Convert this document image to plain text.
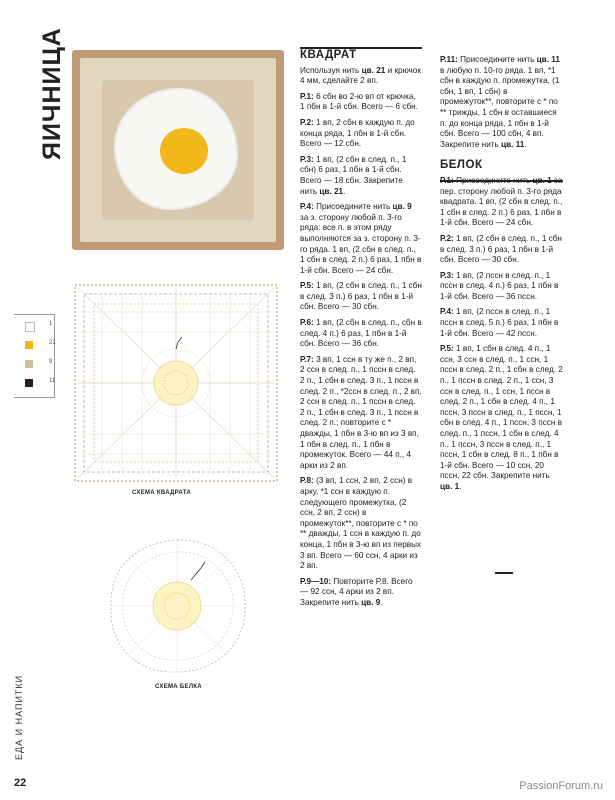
ЯИЧНИЦА
1
21
9
11
СХЕМА КВАДРАТА
СХЕМА БЕЛКА
ЕДА И НАПИТКИ
22	PassionForum.ru
КВАДРАТ

Используя нить цв. 21 и крючок 4 мм, сделайте 2 вп.

Р.1: 6 сбн во 2-ю вп от крючка, 1 пбн в 1-й сбн. Всего — 6 сбн.

Р.2: 1 вп, 2 сбн в каждую п. до конца ряда, 1 пбн в 1-й сбн. Всего — 12 сбн.

Р.3: 1 вп, (2 сбн в след. п., 1 сбн) 6 раз, 1 пбн в 1-й сбн. Всего — 18 сбн. Закрепите нить цв. 21.

Р.4: Присоедините нить цв. 9 за з. сторону любой п. 3-го ряда: все п. в этом ряду выполняются за з. сторону п. 3-го ряда. 1 вп, (2 сбн в след. п., 1 сбн в след. 2 п.) 6 раз, 1 пбн в 1-й сбн. Всего — 24 сбн.

Р.5: 1 вп, (2 сбн в след. п., 1 сбн в след. 3 п.) 6 раз, 1 пбн в 1-й сбн. Всего — 30 сбн.

Р.6: 1 вп, (2 сбн в след. п., сбн в след. 4 п.) 6 раз, 1 пбн в 1-й сбн. Всего — 36 сбн.

Р.7: 3 вп, 1 ссн в ту же п., 2 вп, 2 ссн в след. п., 1 пссн в след. 2 п., 1 сбн в след. 3 п., 1 пссн в след. 2 п., *2ссн в след. п., 2 вп, 2 ссн в след. п., 1 пссн в след. 2 п., 1 сбн в след. 3 п., 1 пссн в след. 2 п.; повторите с * дважды, 1 пбн в 3-ю вп из 3 вп, 1 пбн в след. п., 1 пбн в промежуток. Всего — 44 п., 4 арки из 2 вп.

Р.8: (3 вп, 1 ссн, 2 вп, 2 ссн) в арку, *1 ссн в каждую п. следующего промежутка, (2 ссн, 2 вп, 2 ссн) в промежуток**, повторите с * по ** дважды, 1 ссн в каждую п. до конца, 1 пбн в 3-ю вп из первых 3 вп. Всего — 60 ссн, 4 арки из 2 вп.

Р.9—10: Повторите Р.8. Всего — 92 ссн, 4 арки из 2 вп. Закрепите нить цв. 9.

Р.11: Присоедините нить цв. 11 в любую п. 10-го ряда. 1 вп, *1 сбн в каждую п. промежутка, (1 сбн, 1 вп, 1 сбн) в промежуток**, повторите с * по ** трижды, 1 сбн в оставшиеся п. до конца ряда, 1 пбн в 1-й сбн. Всего — 100 сбн, 4 вп. Закрепите нить цв. 11.

БЕЛОК

Р.1: Присоедините нить цв. 1 за пер. сторону любой п. 3-го ряда квадрата. 1 вп, (2 сбн в след. п., 1 сбн в след. 2 п.) 6 раз, 1 пбн в 1-й сбн. Всего — 24 сбн.

Р.2: 1 вп, (2 сбн в след. п., 1 сбн в след. 3 п.) 6 раз, 1 пбн в 1-й сбн. Всего — 30 сбн.

Р.3: 1 вп, (2 пссн в след. п., 1 пссн в след. 4 п.) 6 раз, 1 пбн в 1-й сбн. Всего — 36 пссн.

Р.4: 1 вп, (2 пссн в след. п., 1 пссн в след. 5 п.) 6 раз, 1 пбн в 1-й сбн. Всего — 42 пссн.

Р.5: 1 вп, 1 сбн в след. 4 п., 1 ссн, 3 ссн в след. п., 1 ссн, 1 пссн в след. 2 п., 1 сбн в след. 2 п., 1 пссн в след. 2 п., 1 ссн, 3 ссн в след. п., 1 ссн, 1 пссн в след. 2 п., 1 сбн в след. 4 п., 1 пссн, 3 пссн в след. п., 1 пссн, 1 сбн в след. 4 п., 1 пссн, 3 пссн в след. п., 1 пссн, 1 сбн в след. 4 п., 1 пссн, 3 пссн в след. п., 1 пссн, 1 сбн в след. 8 п., 1 пбн в 1-й сбн. Всего — 10 ссн, 20 пссн, 22 сбн. Закрепите нить цв. 1.
